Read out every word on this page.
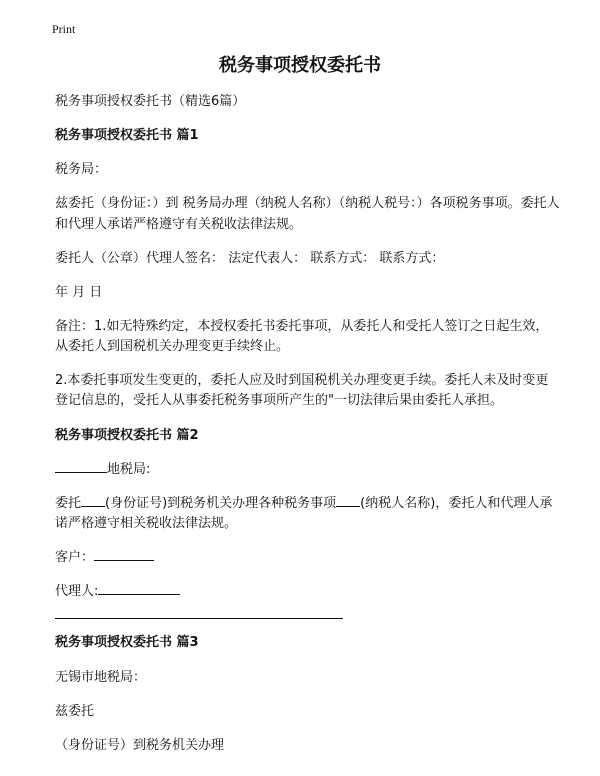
Print
税务事项授权委托书

税务事项授权委托书（精选6篇）

税务事项授权委托书 篇1

税务局：

兹委托（身份证：）到 税务局办理（纳税人名称）（纳税人税号：）各项税务事项。委托人和代理人承诺严格遵守有关税收法律法规。

委托人（公章）代理人签名： 法定代表人： 联系方式： 联系方式：

年 月 日

备注：1.如无特殊约定，本授权委托书委托事项，从委托人和受托人签订之日起生效，从委托人到国税机关办理变更手续终止。

2.本委托事项发生变更的，委托人应及时到国税机关办理变更手续。委托人未及时变更登记信息的，受托人从事委托税务事项所产生的"一切法律后果由委托人承担。

税务事项授权委托书 篇2

地税局:

委托 (身份证号)到税务机关办理各种税务事项 (纳税人名称)，委托人和代理人承诺严格遵守相关税收法律法规。

客户：

代理人:

税务事项授权委托书 篇3

无锡市地税局：

兹委托

（身份证号）到税务机关办理
